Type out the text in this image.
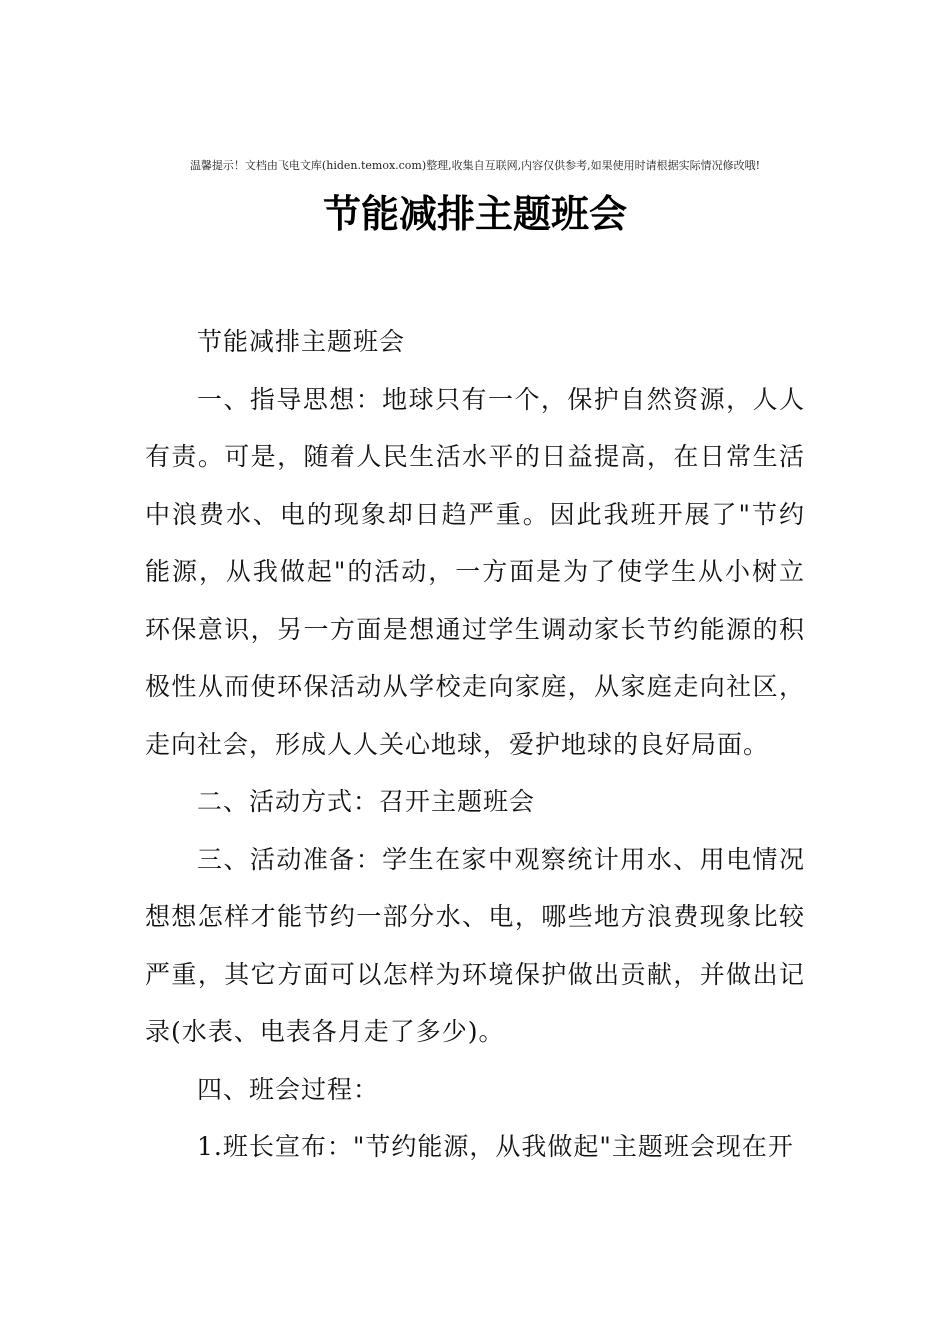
温馨提示！文档由飞电文库(hiden.temox.com)整理,收集自互联网,内容仅供参考,如果使用时请根据实际情况修改哦!
节能减排主题班会

节能减排主题班会

一、指导思想：地球只有一个，保护自然资源，人人有责。可是，随着人民生活水平的日益提高，在日常生活中浪费水、电的现象却日趋严重。因此我班开展了"节约能源，从我做起"的活动，一方面是为了使学生从小树立环保意识，另一方面是想通过学生调动家长节约能源的积极性从而使环保活动从学校走向家庭，从家庭走向社区，走向社会，形成人人关心地球，爱护地球的良好局面。

二、活动方式：召开主题班会

三、活动准备：学生在家中观察统计用水、用电情况想想怎样才能节约一部分水、电，哪些地方浪费现象比较严重，其它方面可以怎样为环境保护做出贡献，并做出记录(水表、电表各月走了多少)。

四、班会过程：

1.班长宣布："节约能源，从我做起"主题班会现在开
